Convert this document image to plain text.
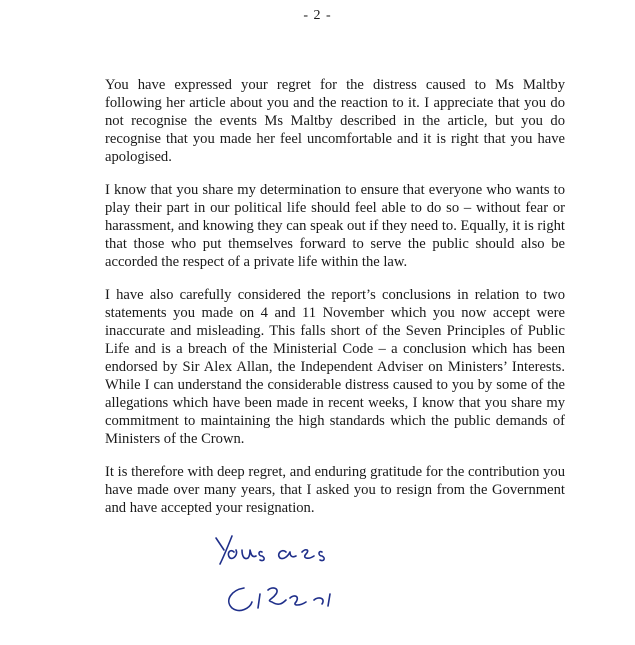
- 2 -

You have expressed your regret for the distress caused to Ms Maltby following her article about you and the reaction to it. I appreciate that you do not recognise the events Ms Maltby described in the article, but you do recognise that you made her feel uncomfortable and it is right that you have apologised.

I know that you share my determination to ensure that everyone who wants to play their part in our political life should feel able to do so – without fear or harassment, and knowing they can speak out if they need to. Equally, it is right that those who put themselves forward to serve the public should also be accorded the respect of a private life within the law.

I have also carefully considered the report’s conclusions in relation to two statements you made on 4 and 11 November which you now accept were inaccurate and misleading. This falls short of the Seven Principles of Public Life and is a breach of the Ministerial Code – a conclusion which has been endorsed by Sir Alex Allan, the Independent Adviser on Ministers’ Interests. While I can understand the considerable distress caused to you by some of the allegations which have been made in recent weeks, I know that you share my commitment to maintaining the high standards which the public demands of Ministers of the Crown.

It is therefore with deep regret, and enduring gratitude for the contribution you have made over many years, that I asked you to resign from the Government and have accepted your resignation.
